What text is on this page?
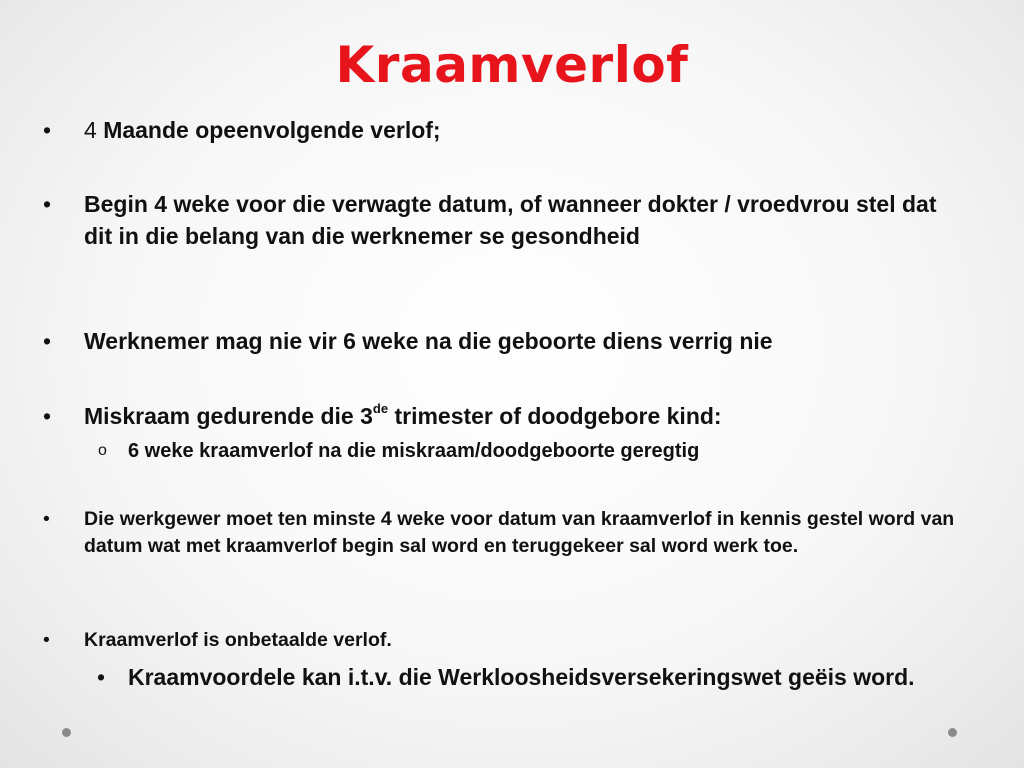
Kraamverlof
• 4 Maande opeenvolgende verlof;
• Begin 4 weke voor die verwagte datum, of wanneer dokter / vroedvrou stel dat dit in die belang van die werknemer se gesondheid
• Werknemer mag nie vir 6 weke na die geboorte diens verrig nie
• Miskraam gedurende die 3de trimester of doodgebore kind:
o 6 weke kraamverlof na die miskraam/doodgeboorte geregtig
• Die werkgewer moet ten minste 4 weke voor datum van kraamverlof in kennis gestel word van datum wat met kraamverlof begin sal word en teruggekeer sal word werk toe.
• Kraamverlof is onbetaalde verlof.
• Kraamvoordele kan i.t.v. die Werkloosheidsversekeringswet geëis word.
